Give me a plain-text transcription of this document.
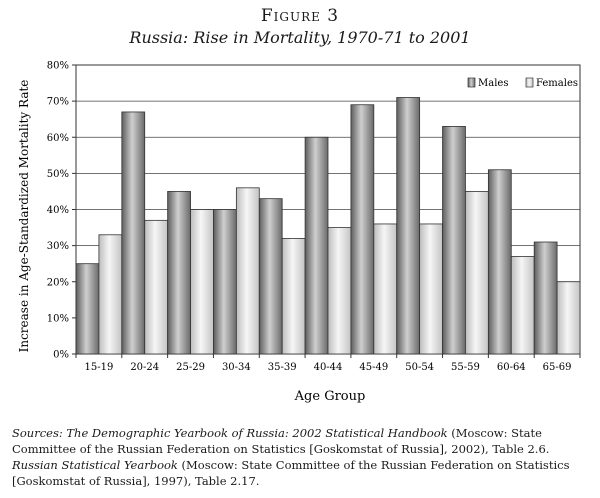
Figure 3
Russia: Rise in Mortality, 1970-71 to 2001
0%
10%
20%
30%
40%
50%
60%
70%
80%
15-19 20-24 25-29 30-34 35-39 40-44 45-49 50-54 55-59 60-64 65-69
Males	Females
Increase in Age-Standardized Mortality Rate
Age Group

Sources: The Demographic Yearbook of Russia: 2002 Statistical Handbook (Moscow: State Committee of the Russian Federation on Statistics [Goskomstat of Russia], 2002), Table 2.6.

Russian Statistical Yearbook (Moscow: State Committee of the Russian Federation on Statistics [Goskomstat of Russia], 1997), Table 2.17.
